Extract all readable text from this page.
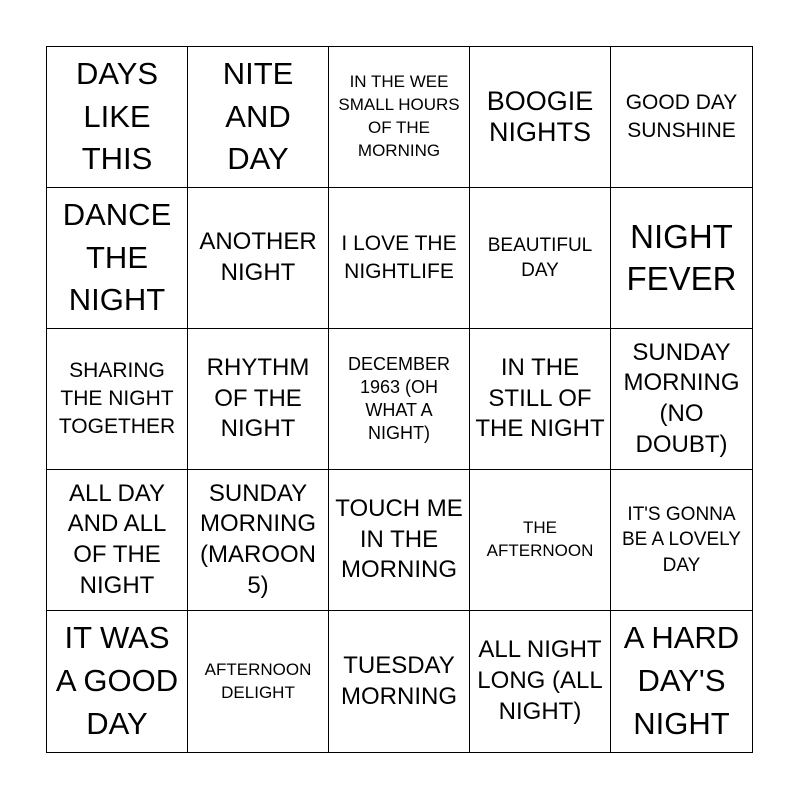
DAYS LIKE THIS
NITE AND DAY
IN THE WEE SMALL HOURS OF THE MORNING
BOOGIE NIGHTS
GOOD DAY SUNSHINE
DANCE THE NIGHT
ANOTHER NIGHT
I LOVE THE NIGHTLIFE
BEAUTIFUL DAY
NIGHT FEVER
SHARING THE NIGHT TOGETHER
RHYTHM OF THE NIGHT
DECEMBER 1963 (OH WHAT A NIGHT)
IN THE STILL OF THE NIGHT
SUNDAY MORNING (NO DOUBT)
ALL DAY AND ALL OF THE NIGHT
SUNDAY MORNING (MAROON 5)
TOUCH ME IN THE MORNING
THE AFTERNOON
IT'S GONNA BE A LOVELY DAY
IT WAS A GOOD DAY
AFTERNOON DELIGHT
TUESDAY MORNING
ALL NIGHT LONG (ALL NIGHT)
A HARD DAY'S NIGHT
